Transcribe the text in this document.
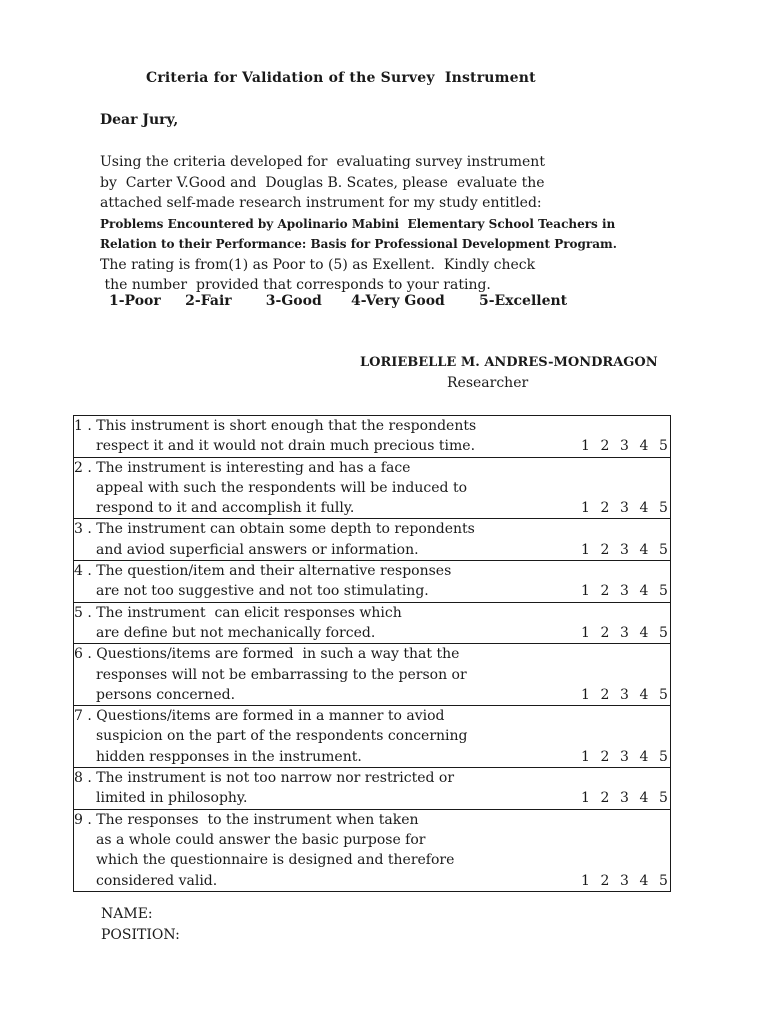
Criteria for Validation of the Survey  Instrument
Dear Jury,

Using the criteria developed for  evaluating survey instrument

by  Carter V.Good and  Douglas B. Scates, please  evaluate the

attached self-made research instrument for my study entitled:

Problems Encountered by Apolinario Mabini  Elementary School Teachers in

Relation to their Performance: Basis for Professional Development Program.

The rating is from(1) as Poor to (5) as Exellent.  Kindly check

the number  provided that corresponds to your rating.

1-Poor 2-Fair 3-Good 4-Very Good 5-Excellent
LORIEBELLE M. ANDRES-MONDRAGON
Researcher

1 . This instrument is short enough that the respondents

respect it and it would not drain much precious time.	1 2 3 4 5

2 . The instrument is interesting and has a face

appeal with such the respondents will be induced to

respond to it and accomplish it fully.	1 2 3 4 5

3 . The instrument can obtain some depth to repondents

and aviod superficial answers or information.	1 2 3 4 5

4 . The question/item and their alternative responses

are not too suggestive and not too stimulating.	1 2 3 4 5

5 . The instrument  can elicit responses which

are define but not mechanically forced.	1 2 3 4 5

6 . Questions/items are formed  in such a way that the

responses will not be embarrassing to the person or

persons concerned.	1 2 3 4 5

7 . Questions/items are formed in a manner to aviod

suspicion on the part of the respondents concerning

hidden respponses in the instrument.	1 2 3 4 5

8 . The instrument is not too narrow nor restricted or

limited in philosophy.	1 2 3 4 5

9 . The responses  to the instrument when taken

as a whole could answer the basic purpose for

which the questionnaire is designed and therefore

considered valid.	1 2 3 4 5

NAME:

POSITION:
